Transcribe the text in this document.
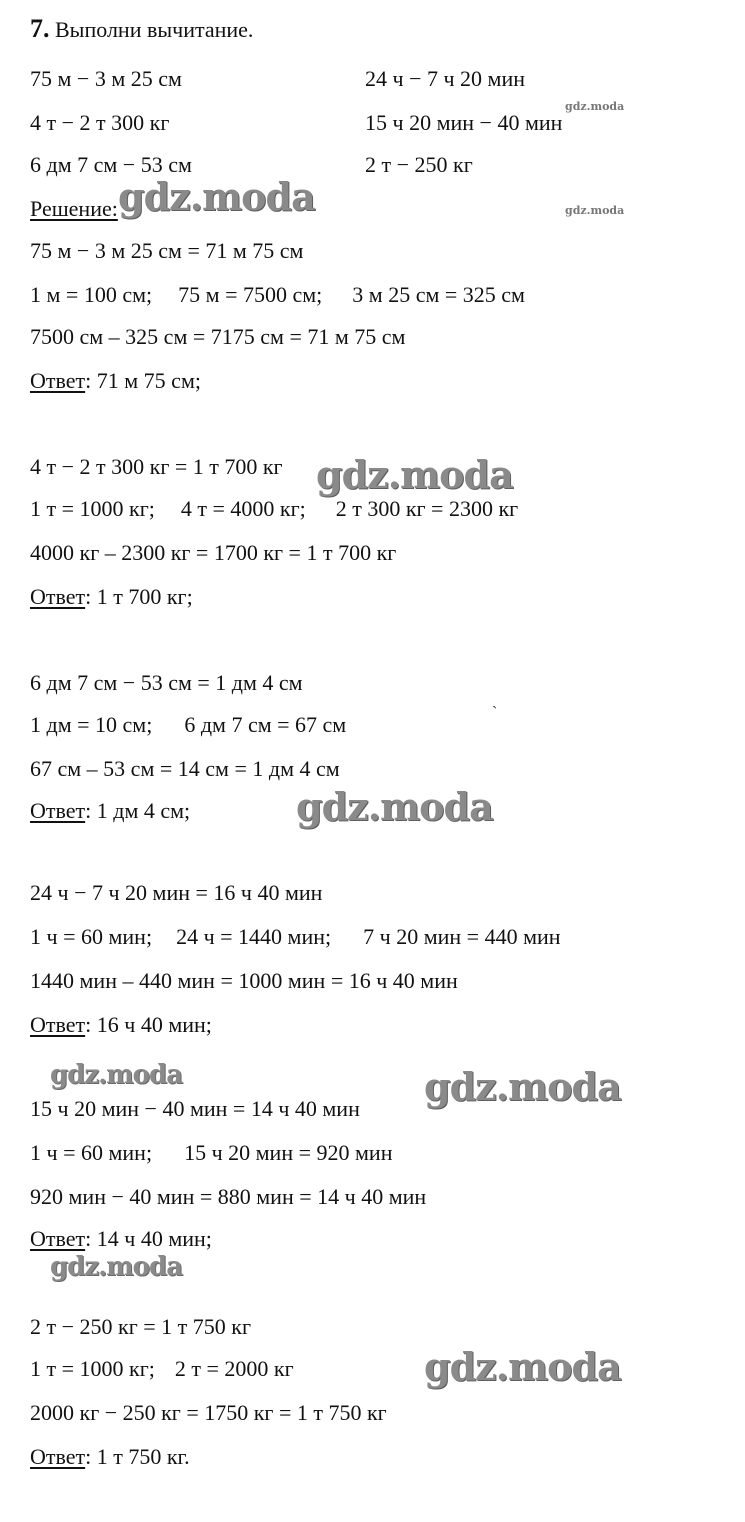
7. Выполни вычитание.
75 м − 3 м 25 см	24 ч − 7 ч 20 мин
4 т − 2 т 300 кг	15 ч 20 мин − 40 мин
6 дм 7 см − 53 см	2 т − 250 кг
Решение:
75 м − 3 м 25 см = 71 м 75 см
1 м = 100 см; 75 м = 7500 см; 3 м 25 см = 325 см
7500 см – 325 см = 7175 см = 71 м 75 см
Ответ: 71 м 75 см;
4 т − 2 т 300 кг = 1 т 700 кг
1 т = 1000 кг; 4 т = 4000 кг; 2 т 300 кг = 2300 кг
4000 кг – 2300 кг = 1700 кг = 1 т 700 кг
Ответ: 1 т 700 кг;
6 дм 7 см − 53 см = 1 дм 4 см
1 дм = 10 см; 6 дм 7 см = 67 см
67 см – 53 см = 14 см = 1 дм 4 см
Ответ: 1 дм 4 см;
24 ч − 7 ч 20 мин = 16 ч 40 мин
1 ч = 60 мин; 24 ч = 1440 мин; 7 ч 20 мин = 440 мин
1440 мин – 440 мин = 1000 мин = 16 ч 40 мин
Ответ: 16 ч 40 мин;
15 ч 20 мин − 40 мин = 14 ч 40 мин
1 ч = 60 мин; 15 ч 20 мин = 920 мин
920 мин − 40 мин = 880 мин = 14 ч 40 мин
Ответ: 14 ч 40 мин;
2 т − 250 кг = 1 т 750 кг
1 т = 1000 кг; 2 т = 2000 кг
2000 кг − 250 кг = 1750 кг = 1 т 750 кг
Ответ: 1 т 750 кг.
gdz.moda
gdz.moda
gdz.moda
gdz.moda
gdz.moda
gdz.moda	gdz.moda
gdz.moda
gdz.moda
`
